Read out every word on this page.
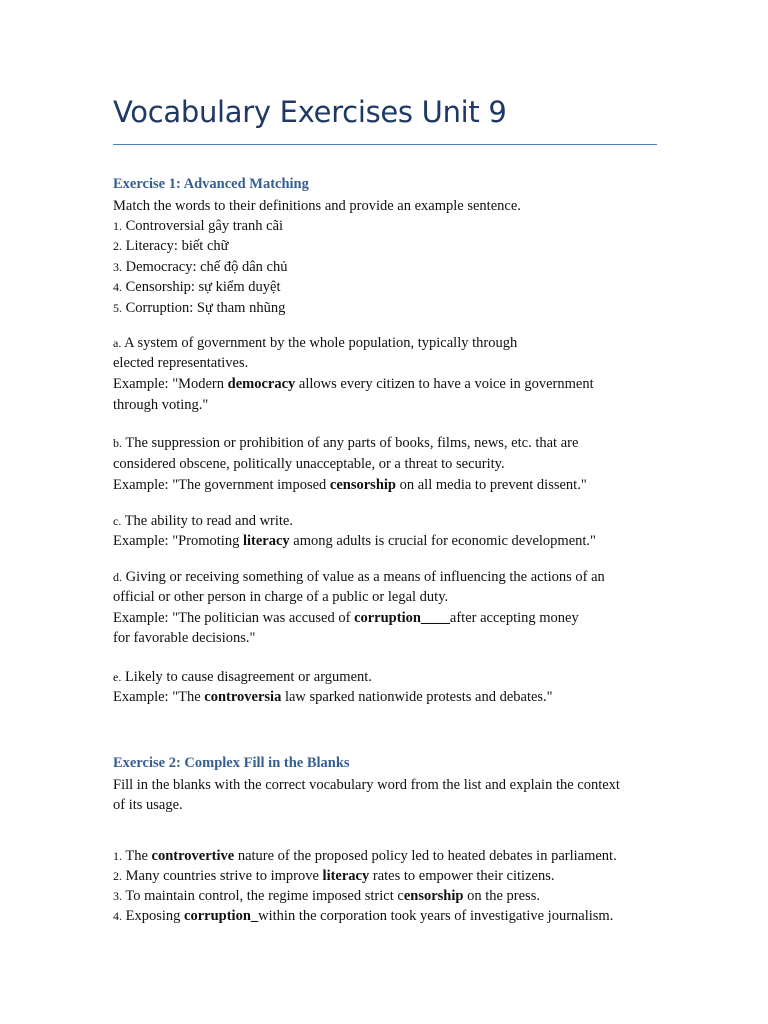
Vocabulary Exercises Unit 9
Exercise 1: Advanced Matching
Match the words to their definitions and provide an example sentence.
1. Controversial gây tranh cãi
2. Literacy: biết chữ
3. Democracy: chế độ dân chủ
4. Censorship: sự kiểm duyệt
5. Corruption: Sự tham nhũng
a. A system of government by the whole population, typically through
elected representatives.
Example: "Modern democracy allows every citizen to have a voice in government
through voting."
b. The suppression or prohibition of any parts of books, films, news, etc. that are
considered obscene, politically unacceptable, or a threat to security.
Example: "The government imposed censorship on all media to prevent dissent."
c. The ability to read and write.
Example: "Promoting literacy among adults is crucial for economic development."
d. Giving or receiving something of value as a means of influencing the actions of an
official or other person in charge of a public or legal duty.
Example: "The politician was accused of corruption____after accepting money
for favorable decisions."
e. Likely to cause disagreement or argument.
Example: "The controversia law sparked nationwide protests and debates."
Exercise 2: Complex Fill in the Blanks
Fill in the blanks with the correct vocabulary word from the list and explain the context
of its usage.
1. The controvertive nature of the proposed policy led to heated debates in parliament.
2. Many countries strive to improve literacy rates to empower their citizens.
3. To maintain control, the regime imposed strict censorship on the press.
4. Exposing corruption_within the corporation took years of investigative journalism.
